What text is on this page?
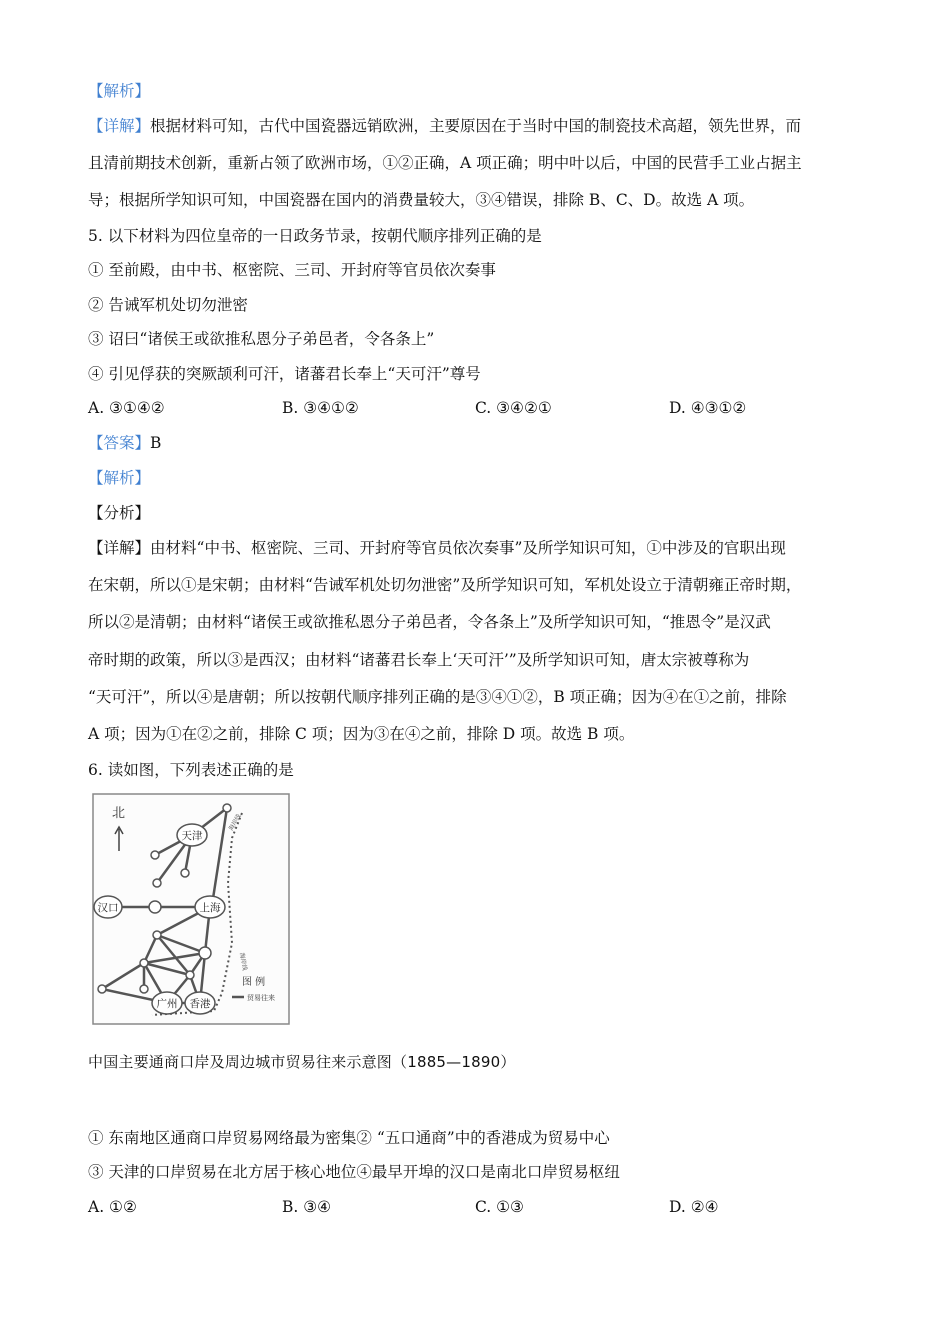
【解析】
【详解】根据材料可知，古代中国瓷器远销欧洲，主要原因在于当时中国的制瓷技术高超，领先世界，而
且清前期技术创新，重新占领了欧洲市场，①②正确，A 项正确；明中叶以后，中国的民营手工业占据主
导；根据所学知识可知，中国瓷器在国内的消费量较大，③④错误，排除 B、C、D。故选 A 项。
5. 以下材料为四位皇帝的一日政务节录，按朝代顺序排列正确的是
① 至前殿，由中书、枢密院、三司、开封府等官员依次奏事
② 告诫军机处切勿泄密
③ 诏曰“诸侯王或欲推私恩分子弟邑者，令各条上”
④ 引见俘获的突厥颉利可汗，诸蕃君长奉上“天可汗”尊号
A. ③①④②	B. ③④①②	C. ③④②①	D. ④③①②
【答案】B
【解析】
【分析】
【详解】由材料“中书、枢密院、三司、开封府等官员依次奏事”及所学知识可知，①中涉及的官职出现
在宋朝，所以①是宋朝；由材料“告诫军机处切勿泄密”及所学知识可知，军机处设立于清朝雍正帝时期，
所以②是清朝；由材料“诸侯王或欲推私恩分子弟邑者，令各条上”及所学知识可知，“推恩令”是汉武
帝时期的政策，所以③是西汉；由材料“诸蕃君长奉上‘天可汗’”及所学知识可知，唐太宗被尊称为
“天可汗”，所以④是唐朝；所以按朝代顺序排列正确的是③④①②，B 项正确；因为④在①之前，排除
A 项；因为①在②之前，排除 C 项；因为③在④之前，排除 D 项。故选 B 项。
6. 读如图，下列表述正确的是
北	海岸线
海岸线
天津
汉口	上海
广州 香港
图 例
贸易往来
中国主要通商口岸及周边城市贸易往来示意图（1885—1890）
① 东南地区通商口岸贸易网络最为密集② “五口通商”中的香港成为贸易中心
③ 天津的口岸贸易在北方居于核心地位④最早开埠的汉口是南北口岸贸易枢纽
A. ①②	B. ③④	C. ①③	D. ②④
